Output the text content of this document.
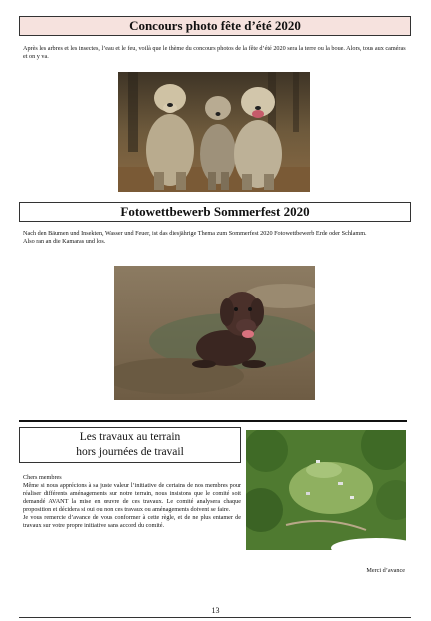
Concours photo fête d’été 2020

Après les arbres et les insectes, l’eau et le feu, voilà que le thème du concours photos de la fête d’été 2020 sera la terre ou la boue. Alors, tous aux caméras et on y va.

Fotowettbewerb Sommerfest 2020
Nach den Bäumen und Insekten, Wasser und Feuer, ist das diesjährige Thema zum Sommerfest 2020 Fotowettbewerb Erde oder Schlamm.
Also ran an die Kamaras und los.
Les travaux au terrain
hors journées de travail
Chers membres
Même si nous apprécions à sa juste valeur l’initiative de certains de nos membres pour réaliser différents aménagements sur notre terrain, nous insistons que le comité soit demandé AVANT la mise en œuvre de ces travaux. Le comité analysera chaque proposition et décidera si oui ou non ces travaux ou aménagements doivent se faire.
Je vous remercie d’avance de vous conformer à cette règle, et de ne plus entamer de travaux sur votre propre initiative sans accord du comité.
Merci d’avance
13
